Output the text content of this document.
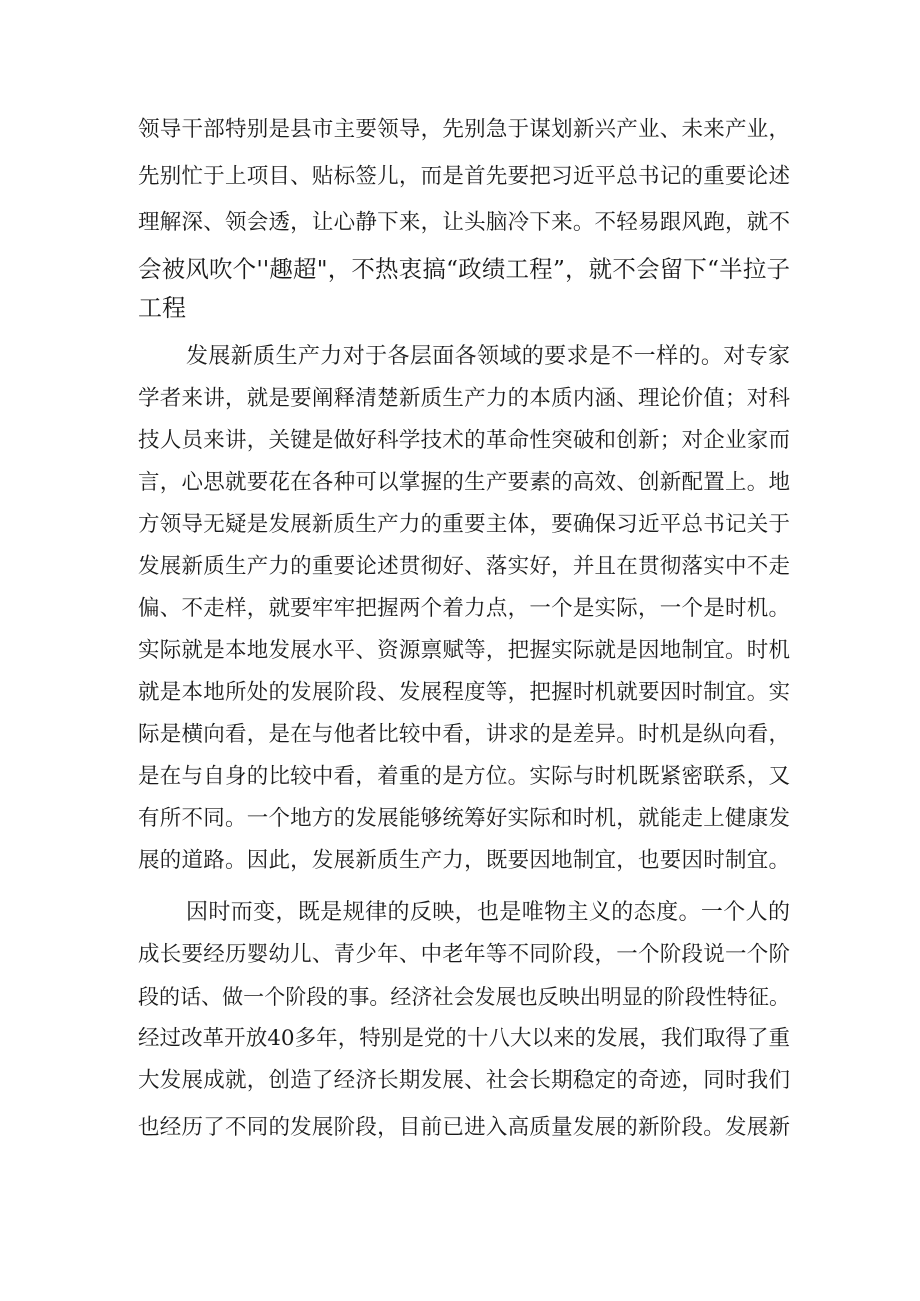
领导干部特别是县市主要领导，先别急于谋划新兴产业、未来产业，
先别忙于上项目、贴标签儿，而是首先要把习近平总书记的重要论述
理解深、领会透，让心静下来，让头脑冷下来。不轻易跟风跑，就不
会被风吹个''趣超"，不热衷搞“政绩工程”，就不会留下“半拉子
工程
发展新质生产力对于各层面各领域的要求是不一样的。对专家
学者来讲，就是要阐释清楚新质生产力的本质内涵、理论价值；对科
技人员来讲，关键是做好科学技术的革命性突破和创新；对企业家而
言，心思就要花在各种可以掌握的生产要素的高效、创新配置上。地
方领导无疑是发展新质生产力的重要主体，要确保习近平总书记关于
发展新质生产力的重要论述贯彻好、落实好，并且在贯彻落实中不走
偏、不走样，就要牢牢把握两个着力点，一个是实际，一个是时机。
实际就是本地发展水平、资源禀赋等，把握实际就是因地制宜。时机
就是本地所处的发展阶段、发展程度等，把握时机就要因时制宜。实
际是横向看，是在与他者比较中看，讲求的是差异。时机是纵向看，
是在与自身的比较中看，着重的是方位。实际与时机既紧密联系，又
有所不同。一个地方的发展能够统筹好实际和时机，就能走上健康发
展的道路。因此，发展新质生产力，既要因地制宜，也要因时制宜。
因时而变，既是规律的反映，也是唯物主义的态度。一个人的
成长要经历婴幼儿、青少年、中老年等不同阶段，一个阶段说一个阶
段的话、做一个阶段的事。经济社会发展也反映出明显的阶段性特征。
经过改革开放40多年，特别是党的十八大以来的发展，我们取得了重
大发展成就，创造了经济长期发展、社会长期稳定的奇迹，同时我们
也经历了不同的发展阶段，目前已进入高质量发展的新阶段。发展新
